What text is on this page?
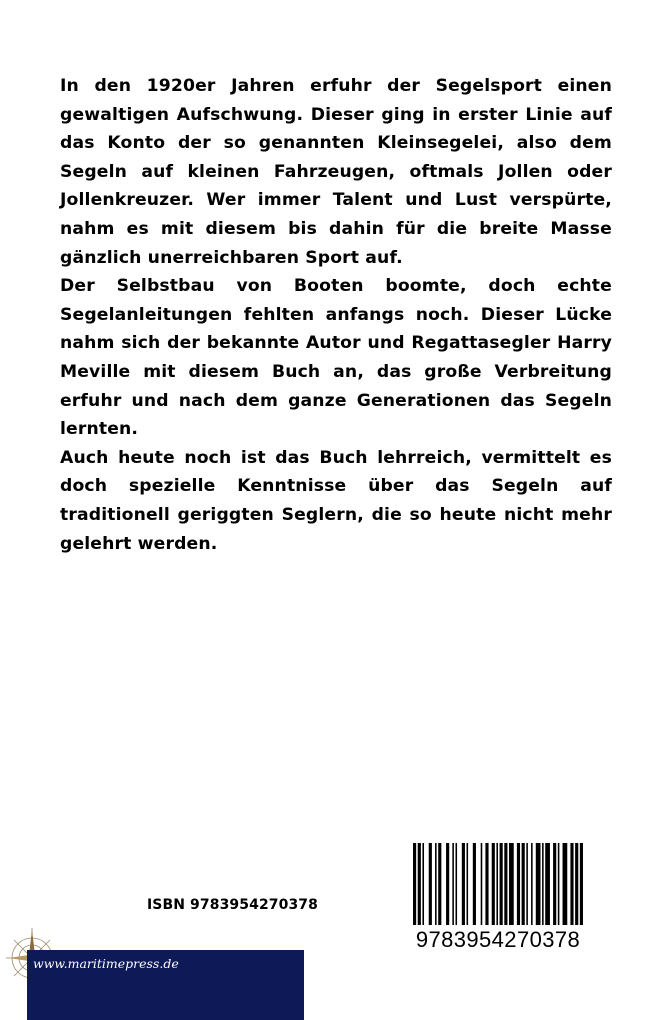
In den 1920er Jahren erfuhr der Segelsport einen gewaltigen Aufschwung. Dieser ging in erster Linie auf das Konto der so genannten Kleinsegelei, also dem Segeln auf kleinen Fahrzeugen, oftmals Jollen oder Jollenkreuzer. Wer immer Talent und Lust verspürte, nahm es mit diesem bis dahin für die breite Masse gänzlich unerreichbaren Sport auf.

Der Selbstbau von Booten boomte, doch echte Segelanleitungen fehlten anfangs noch. Dieser Lücke nahm sich der bekannte Autor und Regattasegler Harry Meville mit diesem Buch an, das große Verbreitung erfuhr und nach dem ganze Generationen das Segeln lernten.

Auch heute noch ist das Buch lehrreich, vermittelt es doch spezielle Kenntnisse über das Segeln auf traditionell geriggten Seglern, die so heute nicht mehr gelehrt werden.

ISBN 9783954270378
9783954270378
www.maritimepress.de
